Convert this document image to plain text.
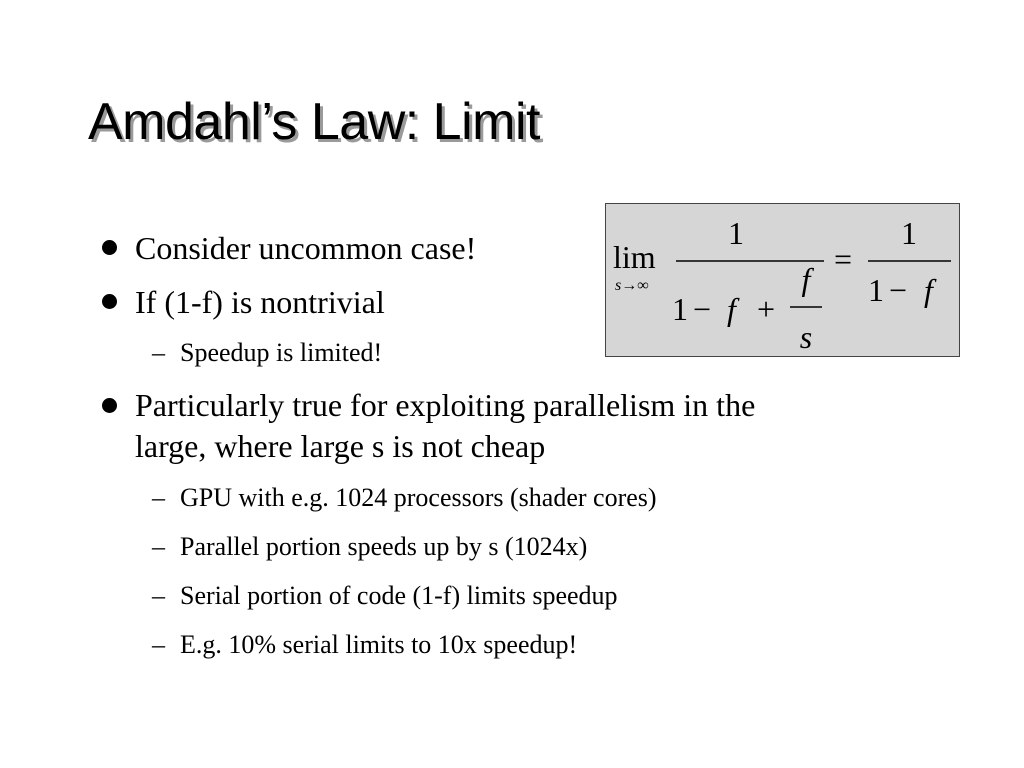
Amdahl’s Law: Limit

Consider uncommon case!

If (1-f) is nontrivial

– Speedup is limited!

Particularly true for exploiting parallelism in the

large, where large s is not cheap

– GPU with e.g. 1024 processors (shader cores)

– Parallel portion speeds up by s (1024x)

– Serial portion of code (1-f) limits speedup

– E.g. 10% serial limits to 10x speedup!

lim
s→∞
1
1 − f +
f
s
=
1
1 − f
